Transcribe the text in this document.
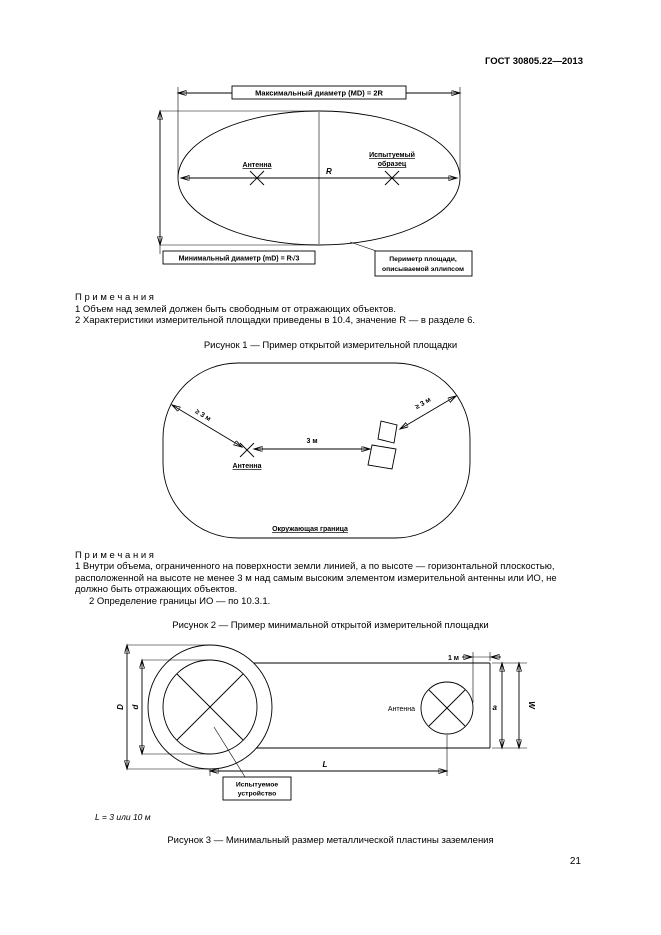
ГОСТ 30805.22—2013
Максимальный диаметр (MD) = 2R
Минимальный диаметр (mD) = R√3
R
Антенна
Испытуемый
образец
Периметр площади,
описываемой эллипсом
П р и м е ч а н и я
1 Объем над землей должен быть свободным от отражающих объектов.
2 Характеристики измерительной площадки приведены в 10.4, значение R — в разделе 6.
Рисунок 1 — Пример открытой измерительной площадки
≥ 3 м
3 м
≥ 3 м
Антенна
Окружающая граница
П р и м е ч а н и я
1 Внутри объема, ограниченного на поверхности земли линией, а по высоте — горизонтальной плоскостью, расположенной на высоте не менее 3 м над самым высоким элементом измерительной антенны или ИО, не должно быть отражающих объектов.
2 Определение границы ИО — по 10.3.1.
Рисунок 2 — Пример минимальной открытой измерительной площадки
Антенна
1 м
a	W
D d
L
Испытуемое
устройство
L = 3 или 10 м
Рисунок 3 — Минимальный размер металлической пластины заземления
21
